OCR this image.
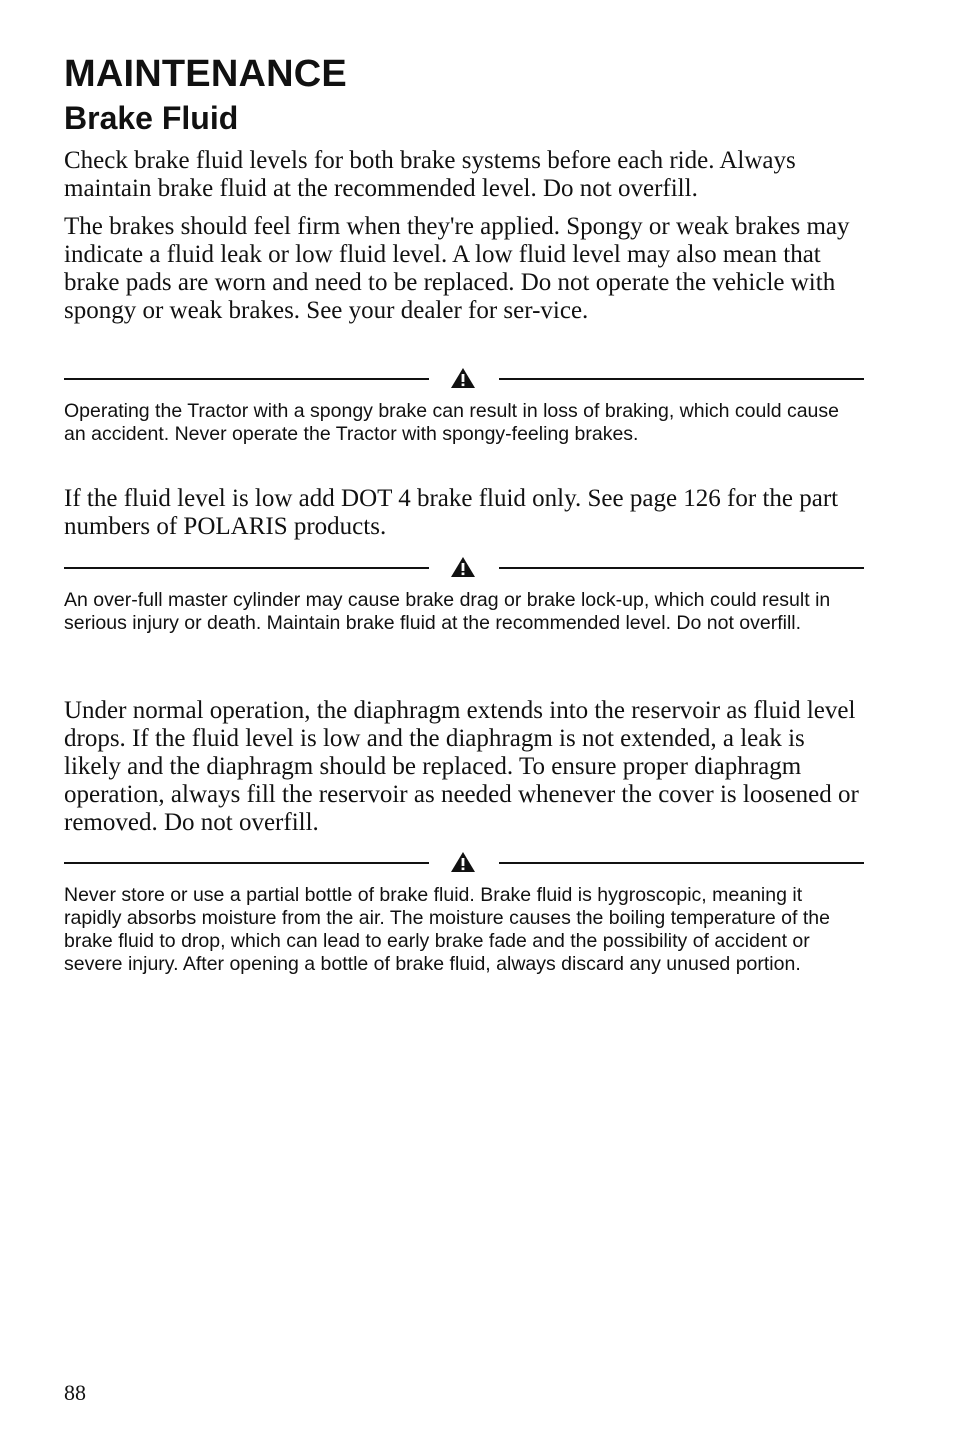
MAINTENANCE
Brake Fluid

Check brake fluid levels for both brake systems before each ride. Always maintain brake fluid at the recommended level. Do not overfill.

The brakes should feel firm when they're applied. Spongy or weak brakes may indicate a fluid leak or low fluid level. A low fluid level may also mean that brake pads are worn and need to be replaced. Do not operate the vehicle with spongy or weak brakes. See your dealer for ser-vice.

Operating the Tractor with a spongy brake can result in loss of braking, which could cause an accident. Never operate the Tractor with spongy-feeling brakes.

If the fluid level is low add DOT 4 brake fluid only. See page 126 for the part numbers of POLARIS products.

An over-full master cylinder may cause brake drag or brake lock-up, which could result in serious injury or death. Maintain brake fluid at the recommended level. Do not overfill.

Under normal operation, the diaphragm extends into the reservoir as fluid level drops. If the fluid level is low and the diaphragm is not extended, a leak is likely and the diaphragm should be replaced. To ensure proper diaphragm operation, always fill the reservoir as needed whenever the cover is loosened or removed. Do not overfill.

Never store or use a partial bottle of brake fluid. Brake fluid is hygroscopic, meaning it rapidly absorbs moisture from the air. The moisture causes the boiling temperature of the brake fluid to drop, which can lead to early brake fade and the possibility of accident or severe injury. After opening a bottle of brake fluid, always discard any unused portion.

88
